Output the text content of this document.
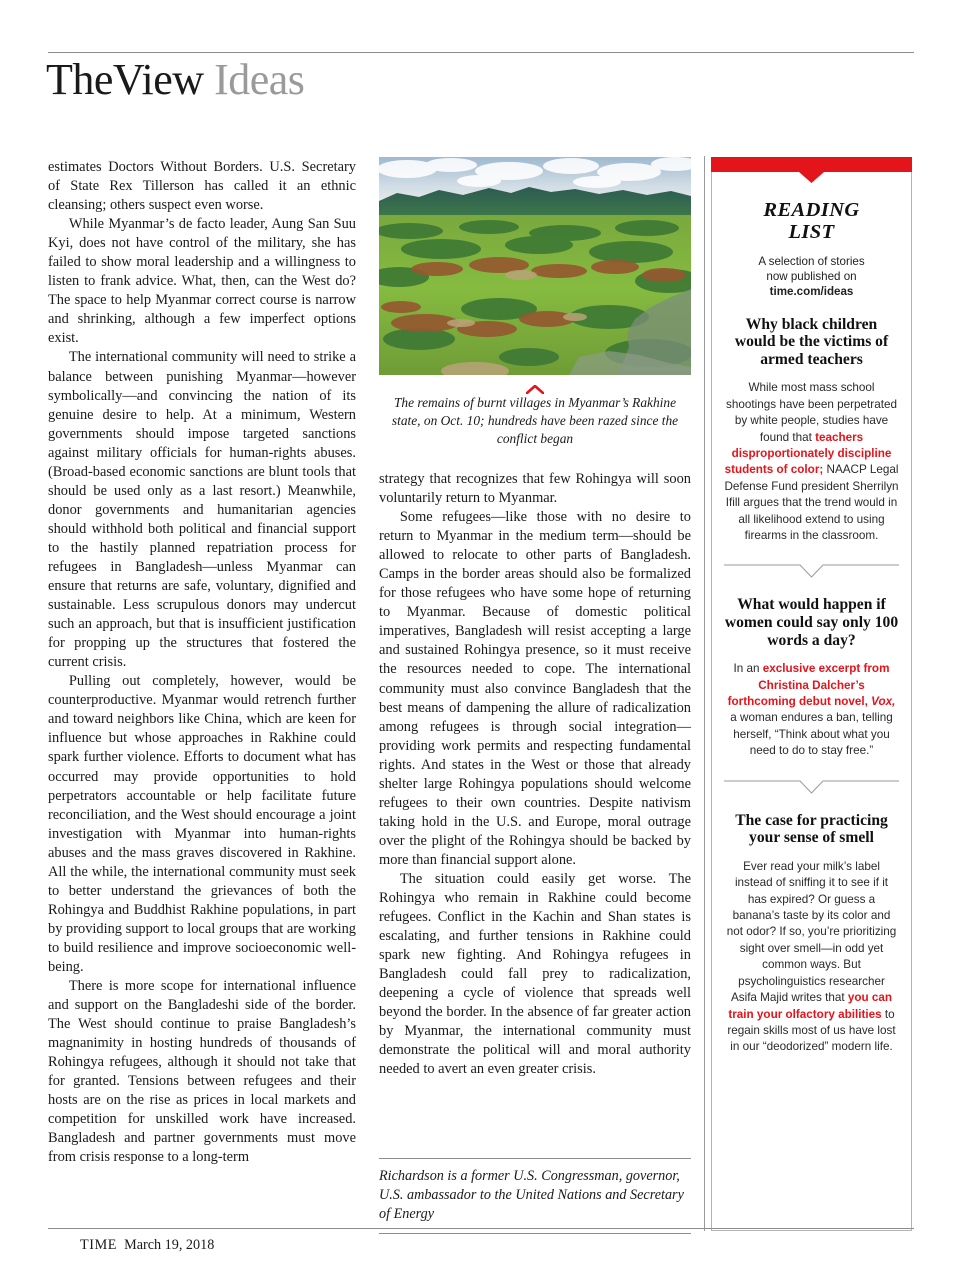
TheView Ideas

estimates Doctors Without Borders. U.S. Secretary of State Rex Tillerson has called it an ethnic cleansing; others suspect even worse.

While Myanmar’s de facto leader, Aung San Suu Kyi, does not have control of the military, she has failed to show moral leadership and a willingness to listen to frank advice. What, then, can the West do? The space to help Myanmar correct course is narrow and shrinking, although a few imperfect options exist.

The international community will need to strike a balance between punishing Myanmar—however symbolically—and convincing the nation of its genuine desire to help. At a minimum, Western governments should impose targeted sanctions against military officials for human-rights abuses. (Broad-based economic sanctions are blunt tools that should be used only as a last resort.) Meanwhile, donor governments and humanitarian agencies should withhold both political and financial support to the hastily planned repatriation process for refugees in Bangladesh—unless Myanmar can ensure that returns are safe, voluntary, dignified and sustainable. Less scrupulous donors may undercut such an approach, but that is insufficient justification for propping up the structures that fostered the current crisis.

Pulling out completely, however, would be counterproductive. Myanmar would retrench further and toward neighbors like China, which are keen for influence but whose approaches in Rakhine could spark further violence. Efforts to document what has occurred may provide opportunities to hold perpetrators accountable or help facilitate future reconciliation, and the West should encourage a joint investigation with Myanmar into human-rights abuses and the mass graves discovered in Rakhine. All the while, the international community must seek to better understand the grievances of both the Rohingya and Buddhist Rakhine populations, in part by providing support to local groups that are working to build resilience and improve socioeconomic well-being.

There is more scope for international influence and support on the Bangladeshi side of the border. The West should continue to praise Bangladesh’s magnanimity in hosting hundreds of thousands of Rohingya refugees, although it should not take that for granted. Tensions between refugees and their hosts are on the rise as prices in local markets and competition for unskilled work have increased. Bangladesh and partner governments must move from crisis response to a long-term

The remains of burnt villages in Myanmar’s Rakhine state, on Oct. 10; hundreds have been razed since the conflict began

strategy that recognizes that few Rohingya will soon voluntarily return to Myanmar.

Some refugees—like those with no desire to return to Myanmar in the medium term—should be allowed to relocate to other parts of Bangladesh. Camps in the border areas should also be formalized for those refugees who have some hope of returning to Myanmar. Because of domestic political imperatives, Bangladesh will resist accepting a large and sustained Rohingya presence, so it must receive the resources needed to cope. The international community must also convince Bangladesh that the best means of dampening the allure of radicalization among refugees is through social integration—providing work permits and respecting fundamental rights. And states in the West or those that already shelter large Rohingya populations should welcome refugees to their own countries. Despite nativism taking hold in the U.S. and Europe, moral outrage over the plight of the Rohingya should be backed by more than financial support alone.

The situation could easily get worse. The Rohingya who remain in Rakhine could become refugees. Conflict in the Kachin and Shan states is escalating, and further tensions in Rakhine could spark new fighting. And Rohingya refugees in Bangladesh could fall prey to radicalization, deepening a cycle of violence that spreads well beyond the border. In the absence of far greater action by Myanmar, the international community must demonstrate the political will and moral authority needed to avert an even greater crisis.

Richardson is a former U.S. Congressman, governor, U.S. ambassador to the United Nations and Secretary of Energy
READING
LIST
A selection of stories
now published on
time.com/ideas
Why black children would be the victims of armed teachers
While most mass school shootings have been perpetrated by white people, studies have found that teachers disproportionately discipline students of color; NAACP Legal Defense Fund president Sherrilyn Ifill argues that the trend would in all likelihood extend to using firearms in the classroom.
What would happen if women could say only 100 words a day?
In an exclusive excerpt from Christina Dalcher’s forthcoming debut novel, Vox, a woman endures a ban, telling herself, “Think about what you need to do to stay free.”
The case for practicing your sense of smell
Ever read your milk’s label instead of sniffing it to see if it has expired? Or guess a banana’s taste by its color and not odor? If so, you’re prioritizing sight over smell—in odd yet common ways. But psycholinguistics researcher Asifa Majid writes that you can train your olfactory abilities to regain skills most of us have lost in our “deodorized” modern life.
TIME March 19, 2018
